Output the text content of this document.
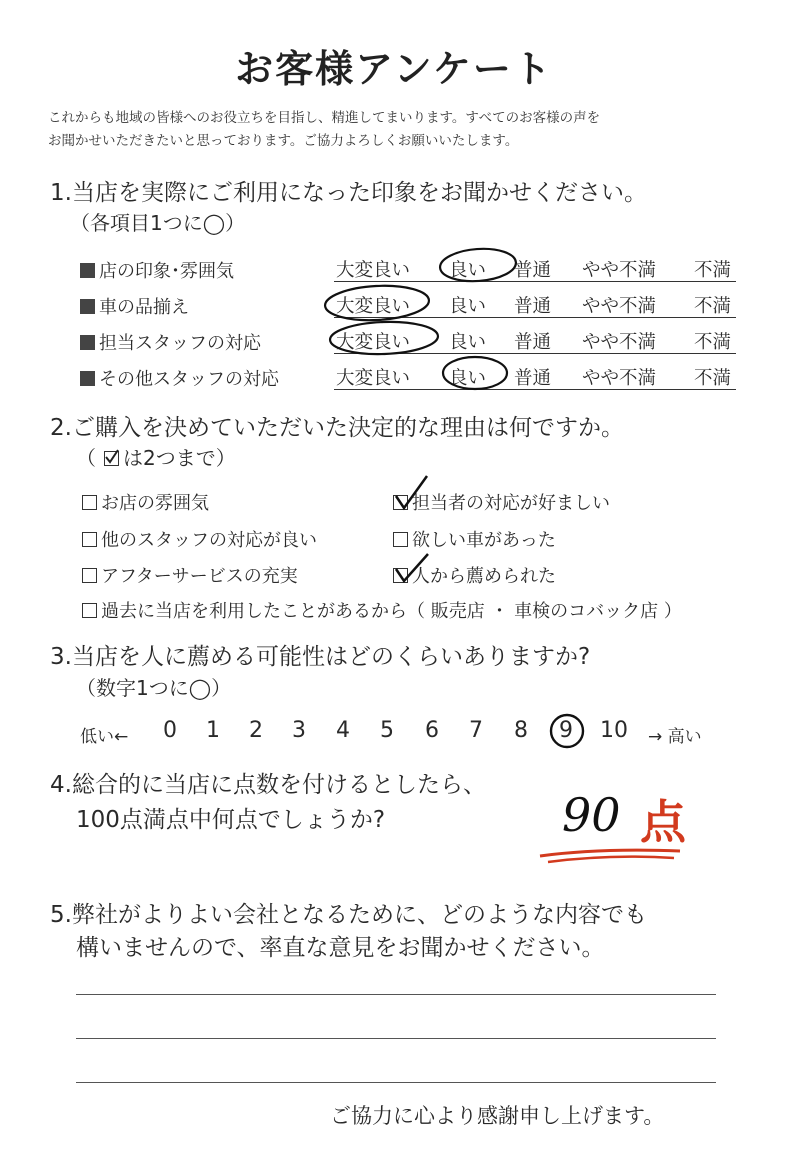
お客様アンケート
これからも地域の皆様へのお役立ちを目指し、精進してまいります。すべてのお客様の声を
お聞かせいただきたいと思っております。ご協力よろしくお願いいたします。
1.当店を実際にご利用になった印象をお聞かせください。
（各項目1つに◯）
店の印象･雰囲気	大変良い 良い 普通 やや不満 不満
車の品揃え	大変良い 良い 普通 やや不満 不満
担当スタッフの対応	大変良い 良い 普通 やや不満 不満
その他スタッフの対応	大変良い 良い 普通 やや不満 不満
2.ご購入を決めていただいた決定的な理由は何ですか。
（ は2つまで）
お店の雰囲気	担当者の対応が好ましい
他のスタッフの対応が良い	欲しい車があった
アフターサービスの充実	人から薦められた
過去に当店を利用したことがあるから（ 販売店 ・ 車検のコバック店 ）
3.当店を人に薦める可能性はどのくらいありますか?
（数字1つに◯）
低い← 0 1 2 3 4 5 6 7 8 9 10 → 高い
4.総合的に当店に点数を付けるとしたら、
100点満点中何点でしょうか?	90 点
5.弊社がよりよい会社となるために、どのような内容でも
構いませんので、率直な意見をお聞かせください。
ご協力に心より感謝申し上げます。
